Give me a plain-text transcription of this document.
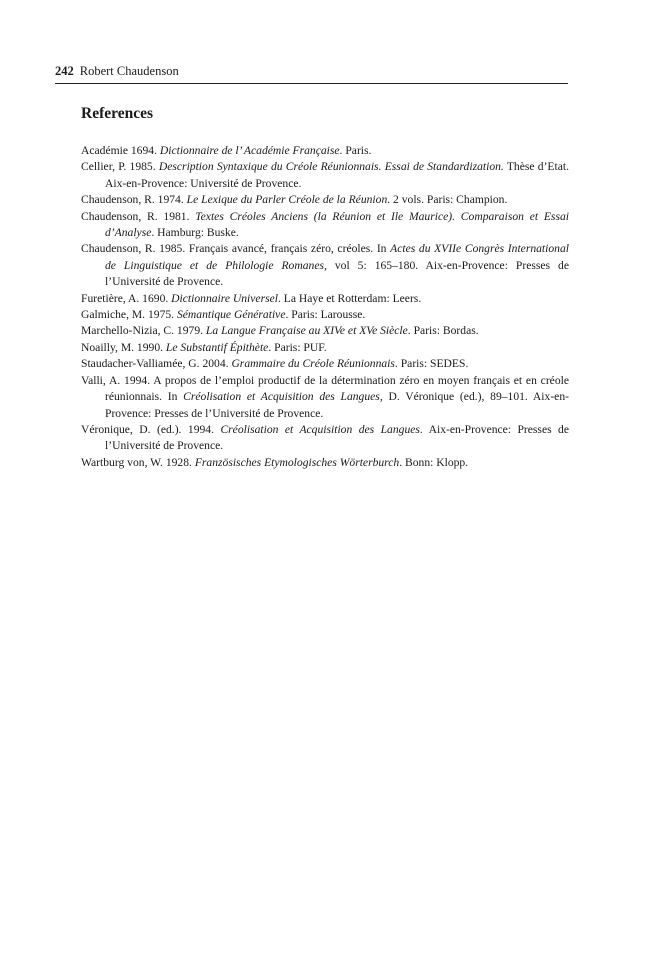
242 Robert Chaudenson
References
Académie 1694. Dictionnaire de l’ Académie Française. Paris.
Cellier, P. 1985. Description Syntaxique du Créole Réunionnais. Essai de Standardization. Thèse d’Etat. Aix-en-Provence: Université de Provence.
Chaudenson, R. 1974. Le Lexique du Parler Créole de la Réunion. 2 vols. Paris: Champion.
Chaudenson, R. 1981. Textes Créoles Anciens (la Réunion et Ile Maurice). Comparaison et Essai d’Analyse. Hamburg: Buske.
Chaudenson, R. 1985. Français avancé, français zéro, créoles. In Actes du XVIIe Congrès International de Linguistique et de Philologie Romanes, vol 5: 165–180. Aix-en-Provence: Presses de l’Université de Provence.
Furetière, A. 1690. Dictionnaire Universel. La Haye et Rotterdam: Leers.
Galmiche, M. 1975. Sémantique Générative. Paris: Larousse.
Marchello-Nizia, C. 1979. La Langue Française au XIVe et XVe Siècle. Paris: Bordas.
Noailly, M. 1990. Le Substantif Épithète. Paris: PUF.
Staudacher-Valliamée, G. 2004. Grammaire du Créole Réunionnais. Paris: SEDES.
Valli, A. 1994. A propos de l’emploi productif de la détermination zéro en moyen français et en créole réunionnais. In Créolisation et Acquisition des Langues, D. Véronique (ed.), 89–101. Aix-en-Provence: Presses de l’Université de Provence.
Véronique, D. (ed.). 1994. Créolisation et Acquisition des Langues. Aix-en-Provence: Presses de l’Université de Provence.
Wartburg von, W. 1928. Französisches Etymologisches Wörterburch. Bonn: Klopp.
